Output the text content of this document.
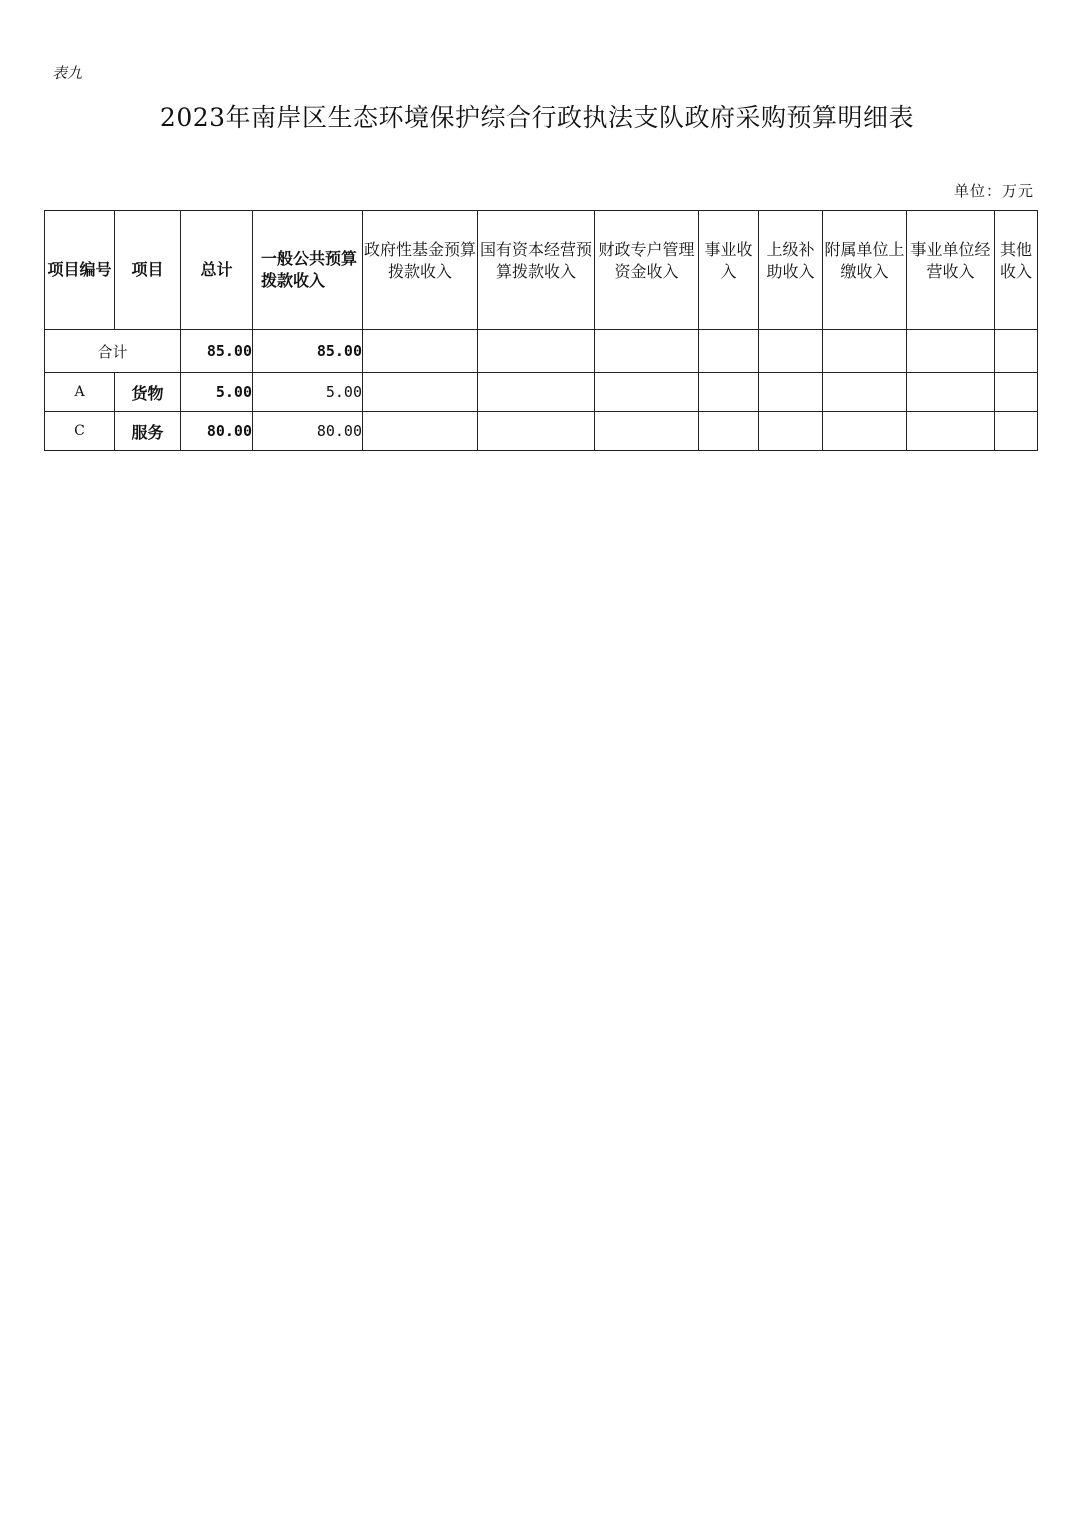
表九
2023年南岸区生态环境保护综合行政执法支队政府采购预算明细表
单位：万元
项目编号	项目	总计	一般公共预算拨款收入	政府性基金预算拨款收入	国有资本经营预算拨款收入	财政专户管理资金收入	事业收入	上级补助收入	附属单位上缴收入	事业单位经营收入	其他收入
合计		85.00	85.00								
A	货物	5.00	5.00								
C	服务	80.00	80.00								
